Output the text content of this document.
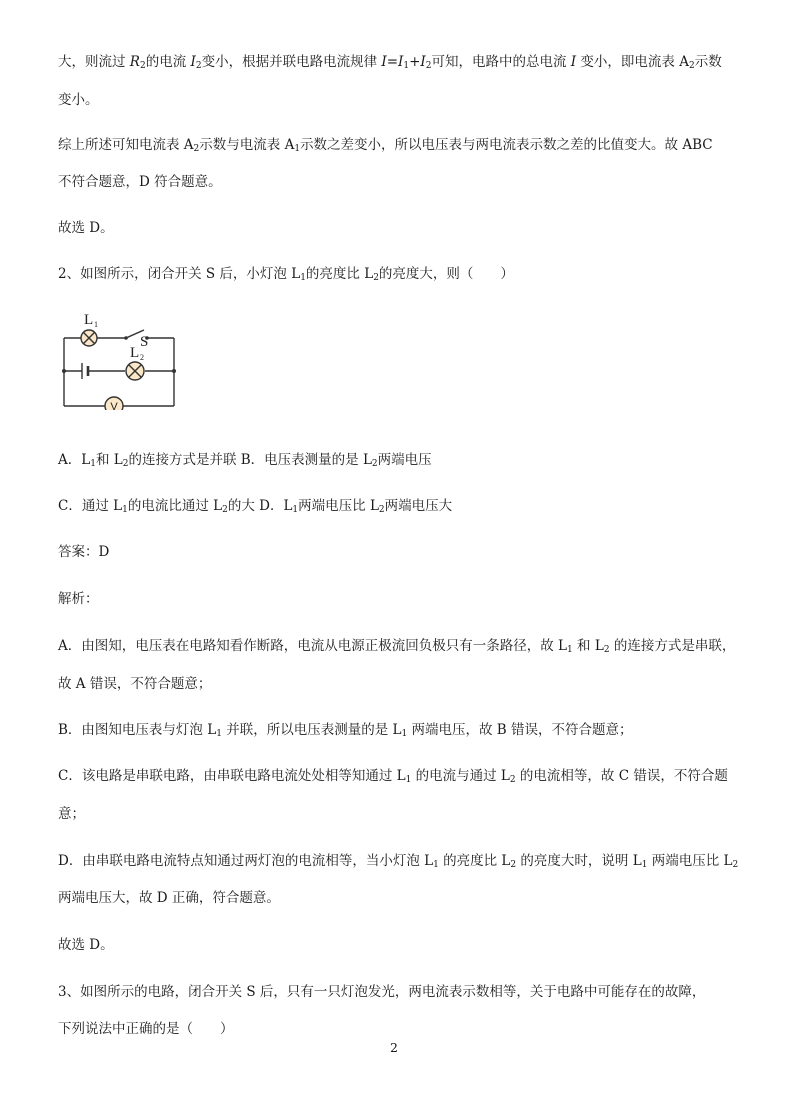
大，则流过 $R_2$的电流 $I_2$变小，根据并联电路电流规律 $I=I_1+I_2$可知，电路中的总电流 I 变小，即电流表 $A_2$示数
变小。
综上所述可知电流表 $A_2$示数与电流表 $A_1$示数之差变小，所以电压表与两电流表示数之差的比值变大。故 ABC
不符合题意，D 符合题意。
故选 D。
2、如图所示，闭合开关 S 后，小灯泡 $L_1$的亮度比 $L_2$的亮度大，则（　　）
V
L 1
S
L 2
A．$L_1$和 $L_2$的连接方式是并联 B．电压表测量的是 $L_2$两端电压
C．通过 $L_1$的电流比通过 $L_2$的大 D．$L_1$两端电压比 $L_2$两端电压大
答案：D
解析：
A．由图知，电压表在电路知看作断路，电流从电源正极流回负极只有一条路径，故 $L_1$ 和 $L_2$ 的连接方式是串联，
故 A 错误，不符合题意；
B．由图知电压表与灯泡 $L_1$ 并联，所以电压表测量的是 $L_1$ 两端电压，故 B 错误，不符合题意；
C．该电路是串联电路，由串联电路电流处处相等知通过 $L_1$ 的电流与通过 $L_2$ 的电流相等，故 C 错误，不符合题
意；
D．由串联电路电流特点知通过两灯泡的电流相等，当小灯泡 $L_1$ 的亮度比 $L_2$ 的亮度大时，说明 $L_1$ 两端电压比 $L_2$
两端电压大，故 D 正确，符合题意。
故选 D。
3、如图所示的电路，闭合开关 S 后，只有一只灯泡发光，两电流表示数相等，关于电路中可能存在的故障，
下列说法中正确的是（　　）
2
